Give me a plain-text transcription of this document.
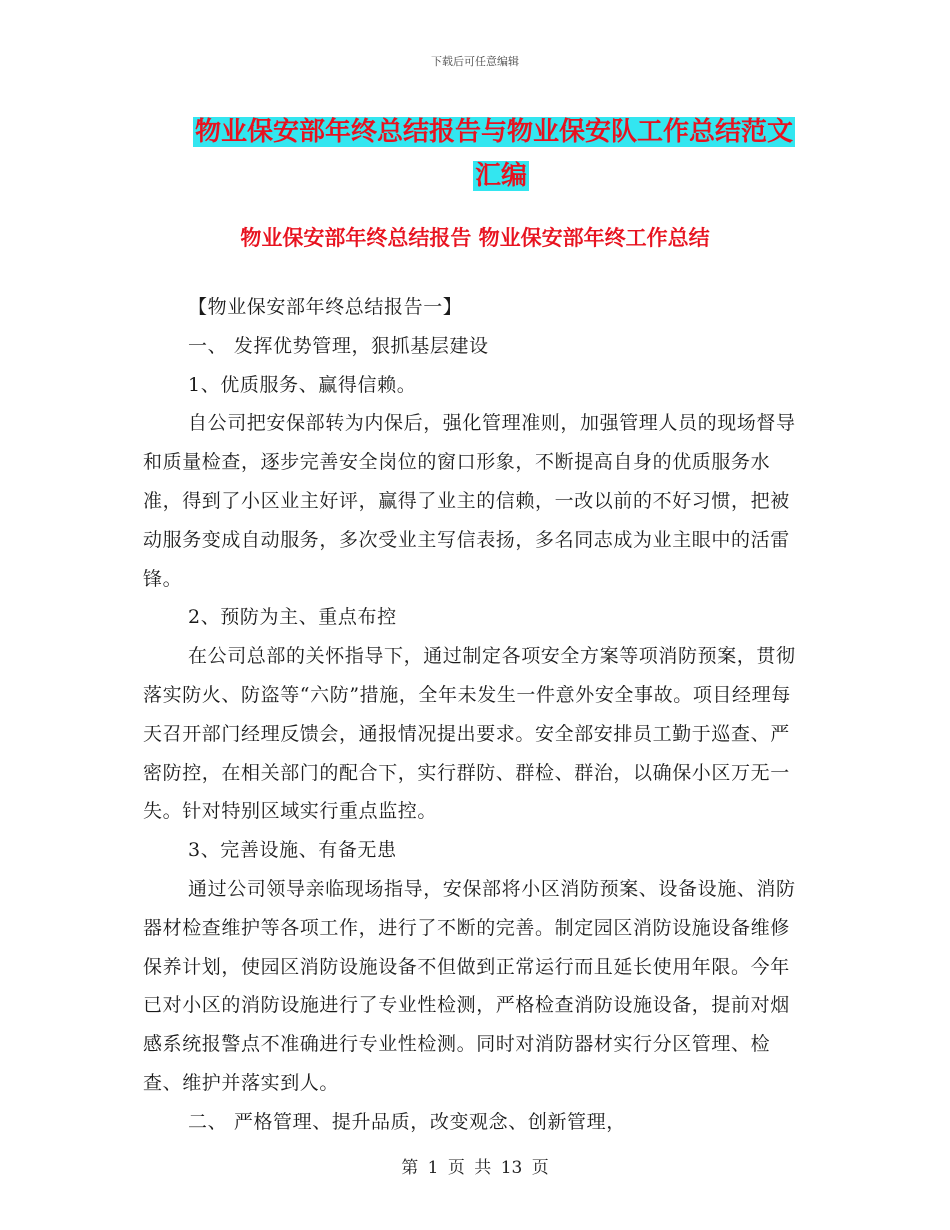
下载后可任意编辑
物业保安部年终总结报告与物业保安队工作总结范文
汇编
物业保安部年终总结报告 物业保安部年终工作总结

【物业保安部年终总结报告一】

一、 发挥优势管理，狠抓基层建设

1、优质服务、赢得信赖。

自公司把安保部转为内保后，强化管理准则，加强管理人员的现场督导和质量检查，逐步完善安全岗位的窗口形象，不断提高自身的优质服务水准，得到了小区业主好评，赢得了业主的信赖，一改以前的不好习惯，把被动服务变成自动服务，多次受业主写信表扬，多名同志成为业主眼中的活雷锋。

2、预防为主、重点布控

在公司总部的关怀指导下，通过制定各项安全方案等项消防预案，贯彻落实防火、防盗等“六防”措施，全年未发生一件意外安全事故。项目经理每天召开部门经理反馈会，通报情况提出要求。安全部安排员工勤于巡查、严密防控，在相关部门的配合下，实行群防、群检、群治，以确保小区万无一失。针对特别区域实行重点监控。

3、完善设施、有备无患

通过公司领导亲临现场指导，安保部将小区消防预案、设备设施、消防器材检查维护等各项工作，进行了不断的完善。制定园区消防设施设备维修保养计划，使园区消防设施设备不但做到正常运行而且延长使用年限。今年已对小区的消防设施进行了专业性检测，严格检查消防设施设备，提前对烟感系统报警点不准确进行专业性检测。同时对消防器材实行分区管理、检查、维护并落实到人。

二、 严格管理、提升品质，改变观念、创新管理，

第 1 页 共 13 页
